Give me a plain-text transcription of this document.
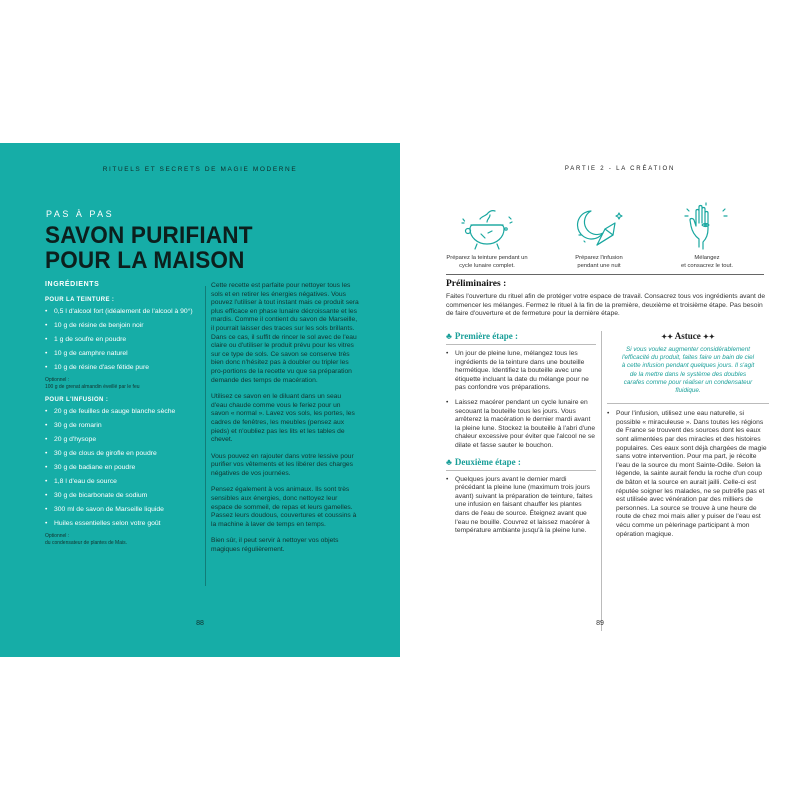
RITUELS ET SECRETS DE MAGIE MODERNE
PAS À PAS
SAVON PURIFIANT
POUR LA MAISON
INGRÉDIENTS
POUR LA TEINTURE :
• 0,5 l d'alcool fort (idéalement de l'alcool à 90°)
• 10 g de résine de benjoin noir
• 1 g de soufre en poudre
• 10 g de camphre naturel
• 10 g de résine d'ase fétide pure
Optionnel :
100 g de grenat almandin éveillé par le feu
POUR L'INFUSION :
• 20 g de feuilles de sauge blanche sèche
• 30 g de romarin
• 20 g d'hysope
• 30 g de clous de girofle en poudre
• 30 g de badiane en poudre
• 1,8 l d'eau de source
• 30 g de bicarbonate de sodium
• 300 ml de savon de Marseille liquide
• Huiles essentielles selon votre goût
Optionnel :
du condensateur de plantes de Mais.

Cette recette est parfaite pour nettoyer tous les sols et en retirer les énergies négatives. Vous pouvez l'utiliser à tout instant mais ce produit sera plus efficace en phase lunaire décroissante et les mardis. Comme il contient du savon de Marseille, il pourrait laisser des traces sur les sols brillants. Dans ce cas, il suffit de rincer le sol avec de l'eau claire ou d'utiliser le produit prévu pour les vitres sur ce type de sols. Ce savon se conserve très bien donc n'hésitez pas à doubler ou tripler les pro-portions de la recette vu que sa préparation demande des temps de macération.

Utilisez ce savon en le diluant dans un seau d'eau chaude comme vous le feriez pour un savon « normal ». Lavez vos sols, les portes, les cadres de fenêtres, les meubles (pensez aux pieds) et n'oubliez pas les lits et les tables de chevet.

Vous pouvez en rajouter dans votre lessive pour purifier vos vêtements et les libérer des charges négatives de vos journées.

Pensez également à vos animaux. Ils sont très sensibles aux énergies, donc nettoyez leur espace de sommeil, de repas et leurs gamelles. Passez leurs doudous, couvertures et coussins à la machine à laver de temps en temps.

Bien sûr, il peut servir à nettoyer vos objets magiques régulièrement.

88
PARTIE 2 - LA CRÉATION
Préparez la teinture pendant un
cycle lunaire complet.
Préparez l'infusion
pendant une nuit
Mélangez
et consacrez le tout.
Préliminaires :
Faites l'ouverture du rituel afin de protéger votre espace de travail. Consacrez tous vos ingrédients avant de commencer les mélanges. Fermez le rituel à la fin de la première, deuxième et troisième étape. Pas besoin de faire d'ouverture et de fermeture pour la dernière étape.
♣ Première étape :
• Un jour de pleine lune, mélangez tous les ingrédients de la teinture dans une bouteille hermétique. Identifiez la bouteille avec une étiquette incluant la date du mélange pour ne pas confondre vos préparations.
• Laissez macérer pendant un cycle lunaire en secouant la bouteille tous les jours. Vous arrêterez la macération le dernier mardi avant la pleine lune. Stockez la bouteille à l'abri d'une chaleur excessive pour éviter que l'alcool ne se dilate et fasse sauter le bouchon.
♣ Deuxième étape :
• Quelques jours avant le dernier mardi précédant la pleine lune (maximum trois jours avant) suivant la préparation de teinture, faites une infusion en faisant chauffer les plantes dans de l'eau de source. Éteignez avant que l'eau ne bouille. Couvrez et laissez macérer à température ambiante jusqu'à la pleine lune.
✦✦ Astuce ✦✦
Si vous voulez augmenter considérablement l'efficacité du produit, faites faire un bain de ciel à cette infusion pendant quelques jours. Il s'agit de la mettre dans le système des doubles carafes comme pour réaliser un condensateur fluidique.
• Pour l'infusion, utilisez une eau naturelle, si possible « miraculeuse ». Dans toutes les régions de France se trouvent des sources dont les eaux sont alimentées par des miracles et des histoires populaires. Ces eaux sont déjà chargées de magie sans votre intervention. Pour ma part, je récolte l'eau de la source du mont Sainte-Odile. Selon la légende, la sainte aurait fendu la roche d'un coup de bâton et la source en aurait jailli. Celle-ci est réputée soigner les malades, ne se putréfie pas et est utilisée avec vénération par des milliers de personnes. La source se trouve à une heure de route de chez moi mais aller y puiser de l'eau est vécu comme un pèlerinage participant à mon opération magique.
89
